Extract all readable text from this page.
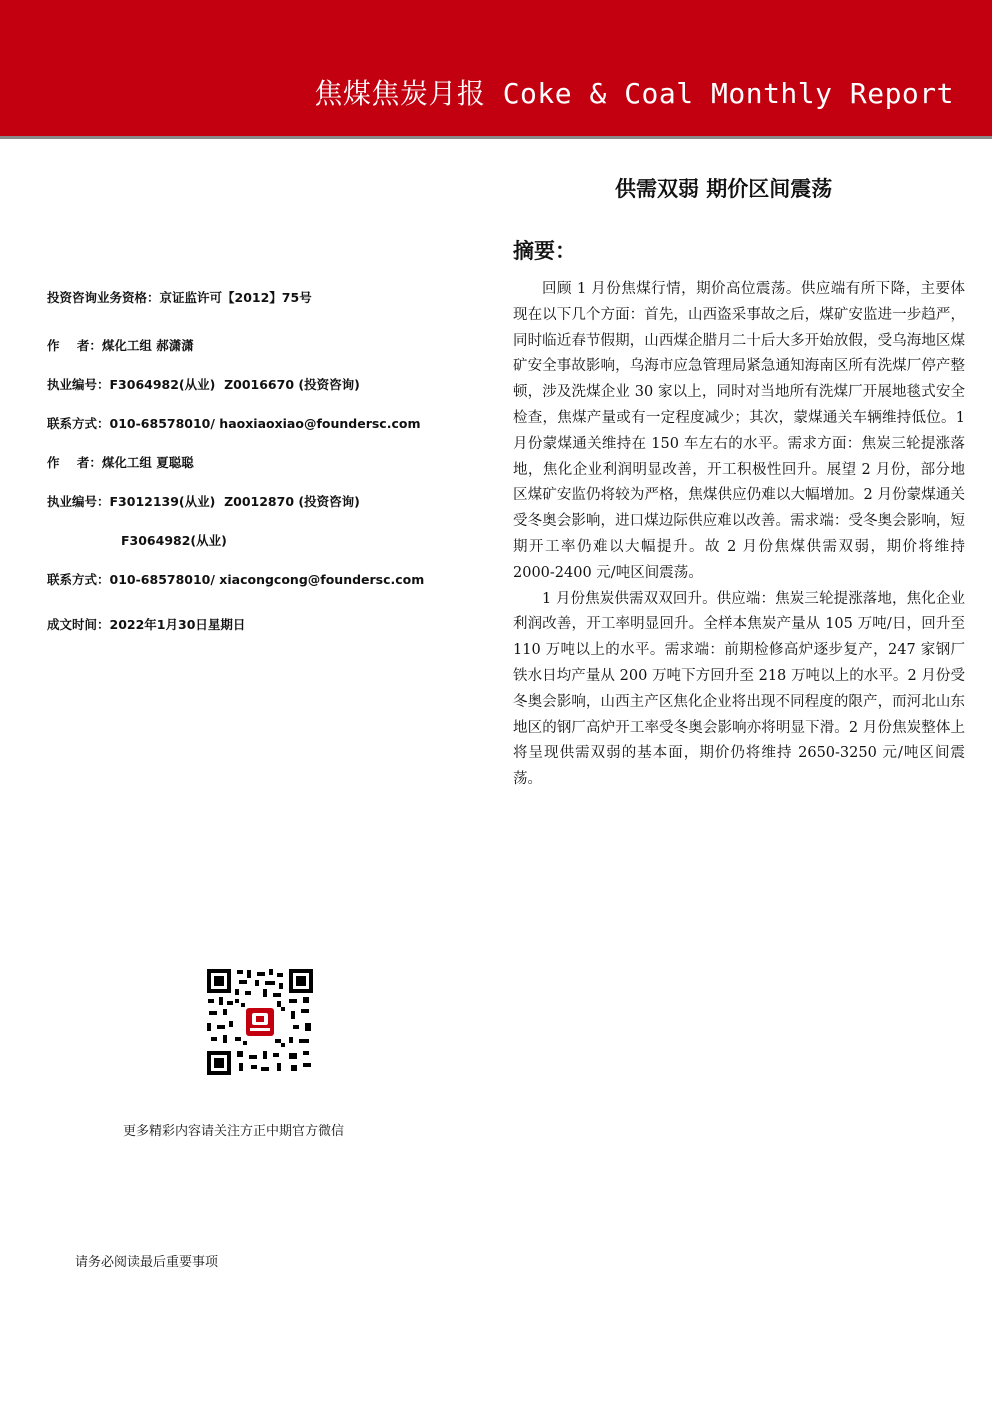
焦煤焦炭月报 Coke & Coal Monthly Report
供需双弱 期价区间震荡
摘要：

回顾 1 月份焦煤行情，期价高位震荡。供应端有所下降，主要体现在以下几个方面：首先，山西盗采事故之后，煤矿安监进一步趋严，同时临近春节假期，山西煤企腊月二十后大多开始放假，受乌海地区煤矿安全事故影响，乌海市应急管理局紧急通知海南区所有洗煤厂停产整顿，涉及洗煤企业 30 家以上，同时对当地所有洗煤厂开展地毯式安全检查，焦煤产量或有一定程度减少；其次，蒙煤通关车辆维持低位。1 月份蒙煤通关维持在 150 车左右的水平。需求方面：焦炭三轮提涨落地，焦化企业利润明显改善，开工积极性回升。展望 2 月份，部分地区煤矿安监仍将较为严格，焦煤供应仍难以大幅增加。2 月份蒙煤通关受冬奥会影响，进口煤边际供应难以改善。需求端：受冬奥会影响，短期开工率仍难以大幅提升。故 2 月份焦煤供需双弱，期价将维持 2000-2400 元/吨区间震荡。

1 月份焦炭供需双双回升。供应端：焦炭三轮提涨落地，焦化企业利润改善，开工率明显回升。全样本焦炭产量从 105 万吨/日，回升至 110 万吨以上的水平。需求端：前期检修高炉逐步复产，247 家钢厂铁水日均产量从 200 万吨下方回升至 218 万吨以上的水平。2 月份受冬奥会影响，山西主产区焦化企业将出现不同程度的限产，而河北山东地区的钢厂高炉开工率受冬奥会影响亦将明显下滑。2 月份焦炭整体上将呈现供需双弱的基本面，期价仍将维持 2650-3250 元/吨区间震荡。

投资咨询业务资格：京证监许可【2012】75号
作    者：煤化工组 郝潇潇
执业编号：F3064982(从业)  Z0016670 (投资咨询)
联系方式：010-68578010/ haoxiaoxiao@foundersc.com
作    者：煤化工组 夏聪聪
执业编号：F3012139(从业)  Z0012870 (投资咨询)
F3064982(从业)
联系方式：010-68578010/ xiacongcong@foundersc.com
成文时间：2022年1月30日星期日
更多精彩内容请关注方正中期官方微信
请务必阅读最后重要事项
